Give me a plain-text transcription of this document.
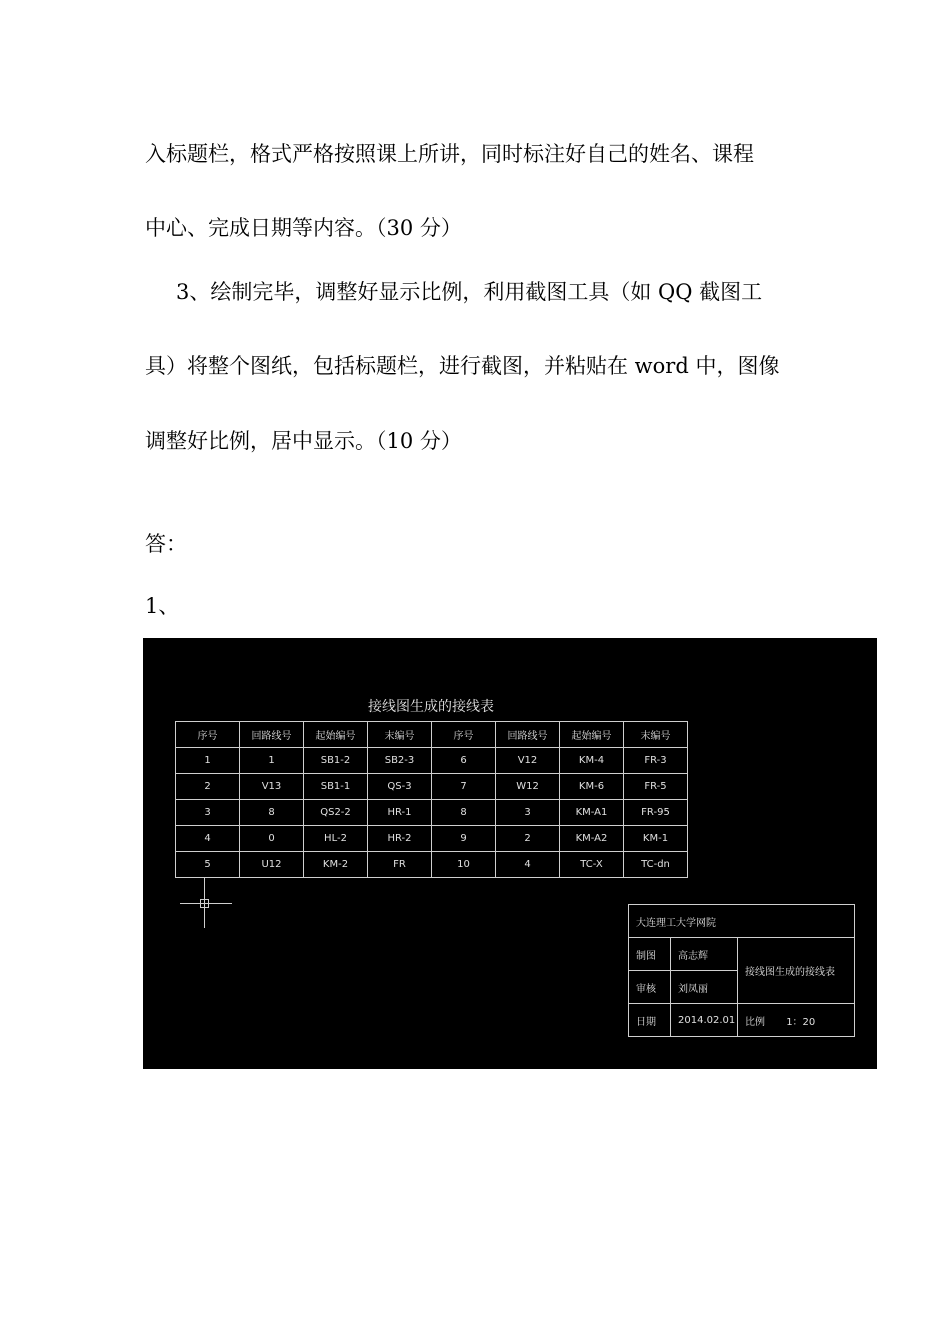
入标题栏，格式严格按照课上所讲，同时标注好自己的姓名、课程
中心、完成日期等内容。（30 分）
3、绘制完毕，调整好显示比例，利用截图工具（如 QQ 截图工
具）将整个图纸，包括标题栏，进行截图，并粘贴在 word 中，图像
调整好比例，居中显示。（10 分）
答：
1、
接线图生成的接线表
序号	回路线号	起始编号	末编号	序号	回路线号	起始编号	末编号
1	1	SB1-2	SB2-3	6	V12	KM-4	FR-3
2	V13	SB1-1	QS-3	7	W12	KM-6	FR-5
3	8	QS2-2	HR-1	8	3	KM-A1	FR-95
4	0	HL-2	HR-2	9	2	KM-A2	KM-1
5	U12	KM-2	FR	10	4	TC-X	TC-dn
大连理工大学网院		
制图	高志辉	接线图生成的接线表
审核	刘凤丽	
日期	2014.02.01	比例 1：20
